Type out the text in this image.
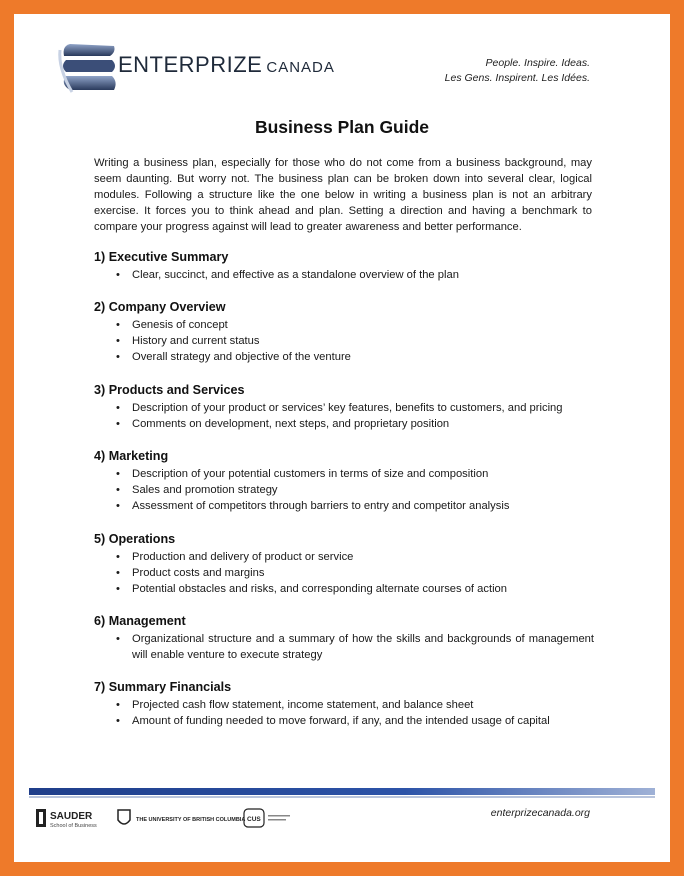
ENTERPRIZE CANADA	People. Inspire. Ideas.
Les Gens. Inspirent. Les Idées.
Business Plan Guide

Writing a business plan, especially for those who do not come from a business background, may seem daunting. But worry not. The business plan can be broken down into several clear, logical modules. Following a structure like the one below in writing a business plan is not an arbitrary exercise. It forces you to think ahead and plan. Setting a direction and having a benchmark to compare your progress against will lead to greater awareness and better performance.

1) Executive Summary
• Clear, succinct, and effective as a standalone overview of the plan
2) Company Overview
• Genesis of concept
• History and current status
• Overall strategy and objective of the venture
3) Products and Services
• Description of your product or services’ key features, benefits to customers, and pricing
• Comments on development, next steps, and proprietary position
4) Marketing
• Description of your potential customers in terms of size and composition
• Sales and promotion strategy
• Assessment of competitors through barriers to entry and competitor analysis
5) Operations
• Production and delivery of product or service
• Product costs and margins
• Potential obstacles and risks, and corresponding alternate courses of action
6) Management
• Organizational structure and a summary of how the skills and backgrounds of management will enable venture to execute strategy
7) Summary Financials
• Projected cash flow statement, income statement, and balance sheet
• Amount of funding needed to move forward, if any, and the intended usage of capital
SAUDER
School of Business
THE UNIVERSITY OF BRITISH COLUMBIA CUS
enterprizecanada.org
